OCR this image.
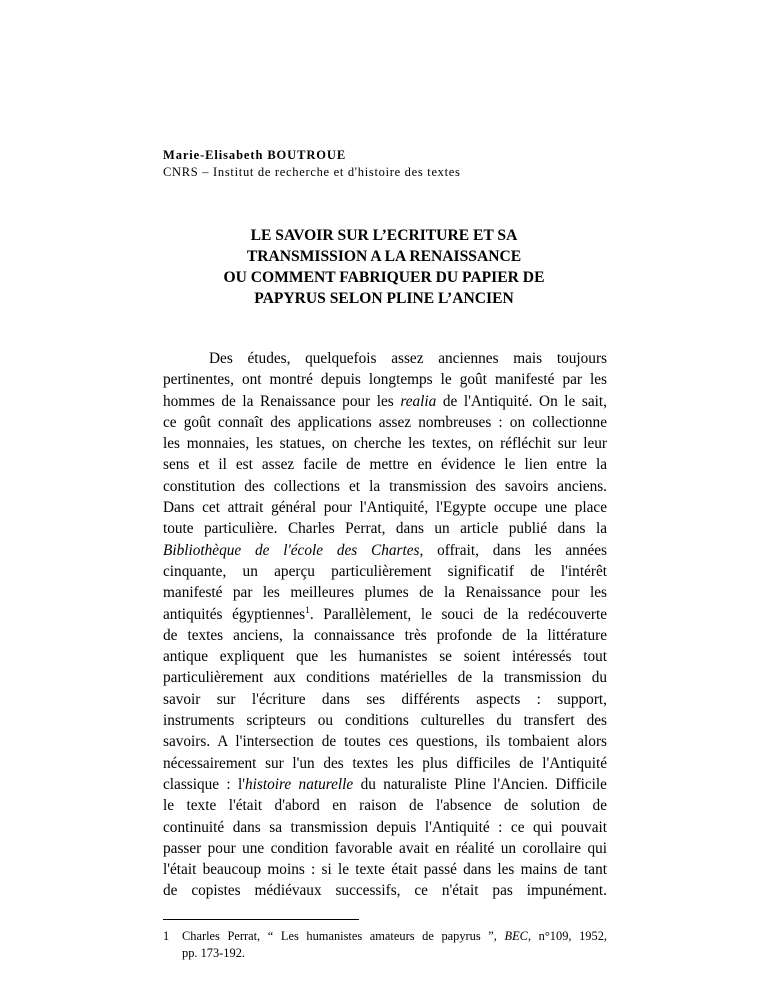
Marie-Elisabeth BOUTROUE
CNRS – Institut de recherche et d'histoire des textes
LE SAVOIR SUR L’ECRITURE ET SA
TRANSMISSION A LA RENAISSANCE
OU COMMENT FABRIQUER DU PAPIER DE
PAPYRUS SELON PLINE L’ANCIEN
Des études, quelquefois assez anciennes mais toujours
pertinentes, ont montré depuis longtemps le goût manifesté par les
hommes de la Renaissance pour les realia de l'Antiquité. On le sait,
ce goût connaît des applications assez nombreuses : on collectionne
les monnaies, les statues, on cherche les textes, on réfléchit sur leur
sens et il est assez facile de mettre en évidence le lien entre la
constitution des collections et la transmission des savoirs anciens.
Dans cet attrait général pour l'Antiquité, l'Egypte occupe une place
toute particulière. Charles Perrat, dans un article publié dans la
Bibliothèque de l'école des Chartes, offrait, dans les années
cinquante, un aperçu particulièrement significatif de l'intérêt
manifesté par les meilleures plumes de la Renaissance pour les
antiquités égyptiennes$^1$. Parallèlement, le souci de la redécouverte
de textes anciens, la connaissance très profonde de la littérature
antique expliquent que les humanistes se soient intéressés tout
particulièrement aux conditions matérielles de la transmission du
savoir sur l'écriture dans ses différents aspects : support,
instruments scripteurs ou conditions culturelles du transfert des
savoirs. A l'intersection de toutes ces questions, ils tombaient alors
nécessairement sur l'un des textes les plus difficiles de l'Antiquité
classique : l'histoire naturelle du naturaliste Pline l'Ancien. Difficile
le texte l'était d'abord en raison de l'absence de solution de
continuité dans sa transmission depuis l'Antiquité : ce qui pouvait
passer pour une condition favorable avait en réalité un corollaire qui
l'était beaucoup moins : si le texte était passé dans les mains de tant
de copistes médiévaux successifs, ce n'était pas impunément.
1	Charles Perrat, “ Les humanistes amateurs de papyrus ”, BEC, n°109, 1952,
pp. 173-192.
